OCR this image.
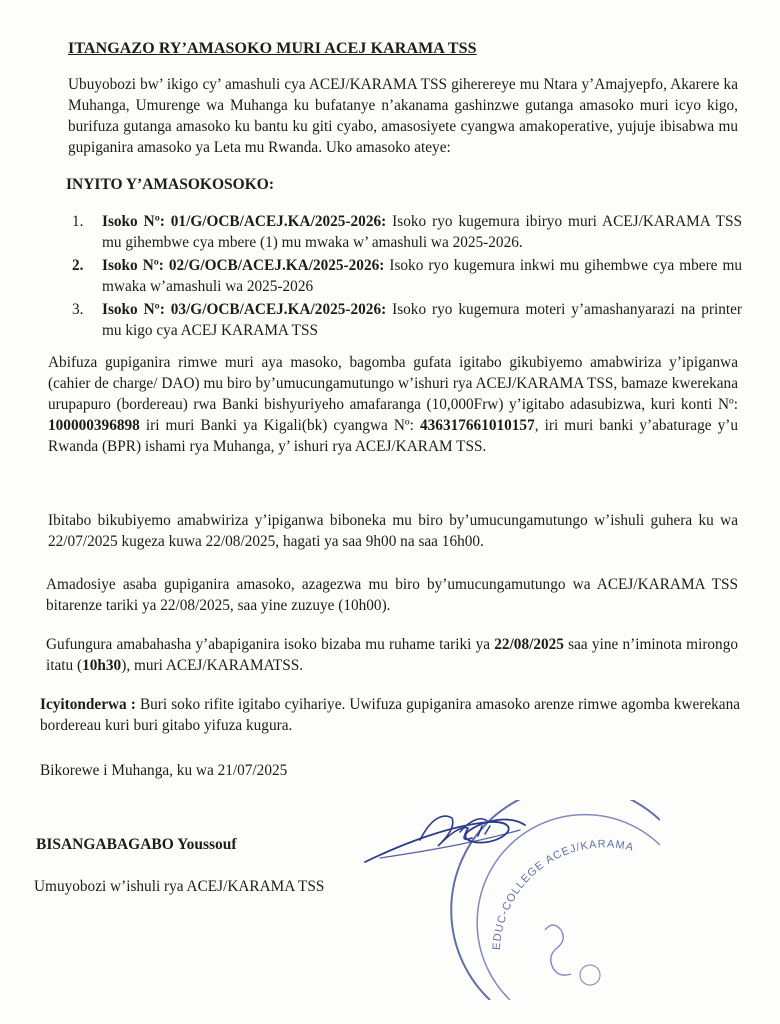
ITANGAZO RY’AMASOKO MURI ACEJ KARAMA TSS
Ubuyobozi bw’ ikigo cy’ amashuli cya ACEJ/KARAMA TSS giherereye mu Ntara y’Amajyepfo, Akarere ka Muhanga, Umurenge wa Muhanga ku bufatanye n’akanama gashinzwe gutanga amasoko muri icyo kigo, burifuza gutanga amasoko ku bantu ku giti cyabo, amasosiyete cyangwa amakoperative, yujuje ibisabwa mu gupiganira amasoko ya Leta mu Rwanda. Uko amasoko ateye:
INYITO Y’AMASOKOSOKO:
1. Isoko Nº: 01/G/OCB/ACEJ.KA/2025-2026: Isoko ryo kugemura ibiryo muri ACEJ/KARAMA TSS mu gihembwe cya mbere (1) mu mwaka w’ amashuli wa 2025-2026.
2. Isoko Nº: 02/G/OCB/ACEJ.KA/2025-2026: Isoko ryo kugemura inkwi mu gihembwe cya mbere mu mwaka w’amashuli wa 2025-2026
3. Isoko Nº: 03/G/OCB/ACEJ.KA/2025-2026: Isoko ryo kugemura moteri y’amashanyarazi na printer mu kigo cya ACEJ KARAMA TSS
Abifuza gupiganira rimwe muri aya masoko, bagomba gufata igitabo gikubiyemo amabwiriza y’ipiganwa (cahier de charge/ DAO) mu biro by’umucungamutungo w’ishuri rya ACEJ/KARAMA TSS, bamaze kwerekana urupapuro (bordereau) rwa Banki bishyuriyeho amafaranga (10,000Frw) y’igitabo adasubizwa, kuri konti Nº: 100000396898 iri muri Banki ya Kigali(bk) cyangwa Nº: 436317661010157, iri muri banki y’abaturage y’u Rwanda (BPR) ishami rya Muhanga, y’ ishuri rya ACEJ/KARAM TSS.
Ibitabo bikubiyemo amabwiriza y’ipiganwa biboneka mu biro by’umucungamutungo w’ishuli guhera ku wa 22/07/2025 kugeza kuwa 22/08/2025, hagati ya saa 9h00 na saa 16h00.
Amadosiye asaba gupiganira amasoko, azagezwa mu biro by’umucungamutungo wa ACEJ/KARAMA TSS bitarenze tariki ya 22/08/2025, saa yine zuzuye (10h00).
Gufungura amabahasha y’abapiganira isoko bizaba mu ruhame tariki ya 22/08/2025 saa yine n’iminota mirongo itatu (10h30), muri ACEJ/KARAMATSS.
Icyitonderwa : Buri soko rifite igitabo cyihariye. Uwifuza gupiganira amasoko arenze rimwe agomba kwerekana bordereau kuri buri gitabo yifuza kugura.
Bikorewe i Muhanga, ku wa 21/07/2025
BISANGABAGABO Youssouf
Umuyobozi w’ishuli rya ACEJ/KARAMA TSS
EDUC-COLLEGE ACEJ/KARAMA
